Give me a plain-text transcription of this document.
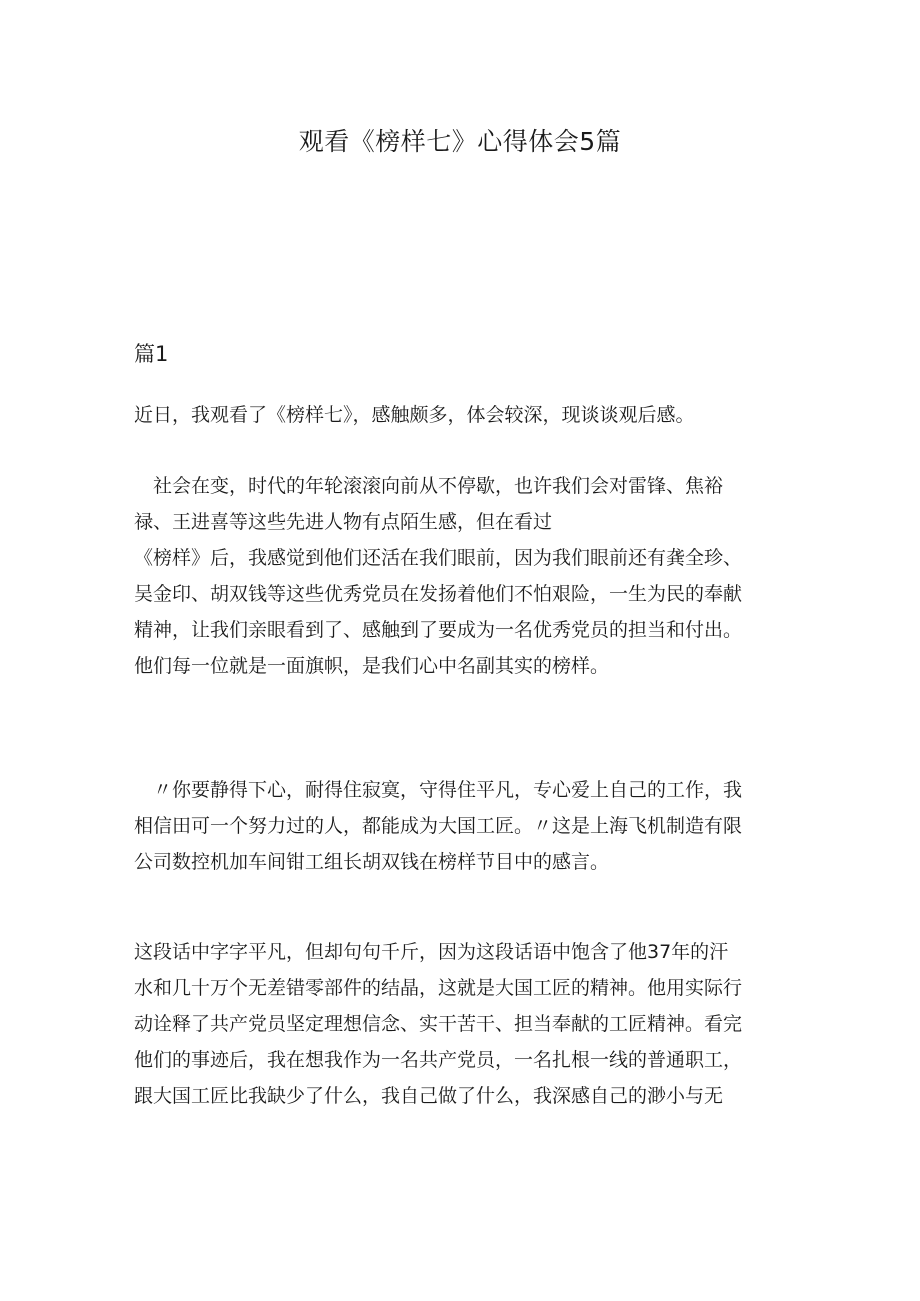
观看《榜样七》心得体会5篇
篇1

近日，我观看了《榜样七》，感触颇多，体会较深，现谈谈观后感。

　社会在变，时代的年轮滚滚向前从不停歇，也许我们会对雷锋、焦裕
禄、王进喜等这些先进人物有点陌生感，但在看过
《榜样》后，我感觉到他们还活在我们眼前，因为我们眼前还有龚全珍、
吴金印、胡双钱等这些优秀党员在发扬着他们不怕艰险，一生为民的奉献
精神，让我们亲眼看到了、感触到了要成为一名优秀党员的担当和付出。
他们每一位就是一面旗帜，是我们心中名副其实的榜样。

　〃你要静得下心，耐得住寂寞，守得住平凡，专心爱上自己的工作，我
相信田可一个努力过的人，都能成为大国工匠。〃这是上海飞机制造有限
公司数控机加车间钳工组长胡双钱在榜样节目中的感言。

这段话中字字平凡，但却句句千斤，因为这段话语中饱含了他37年的汗
水和几十万个无差错零部件的结晶，这就是大国工匠的精神。他用实际行
动诠释了共产党员坚定理想信念、实干苦干、担当奉献的工匠精神。看完
他们的事迹后，我在想我作为一名共产党员，一名扎根一线的普通职工，
跟大国工匠比我缺少了什么，我自己做了什么，我深感自己的渺小与无
